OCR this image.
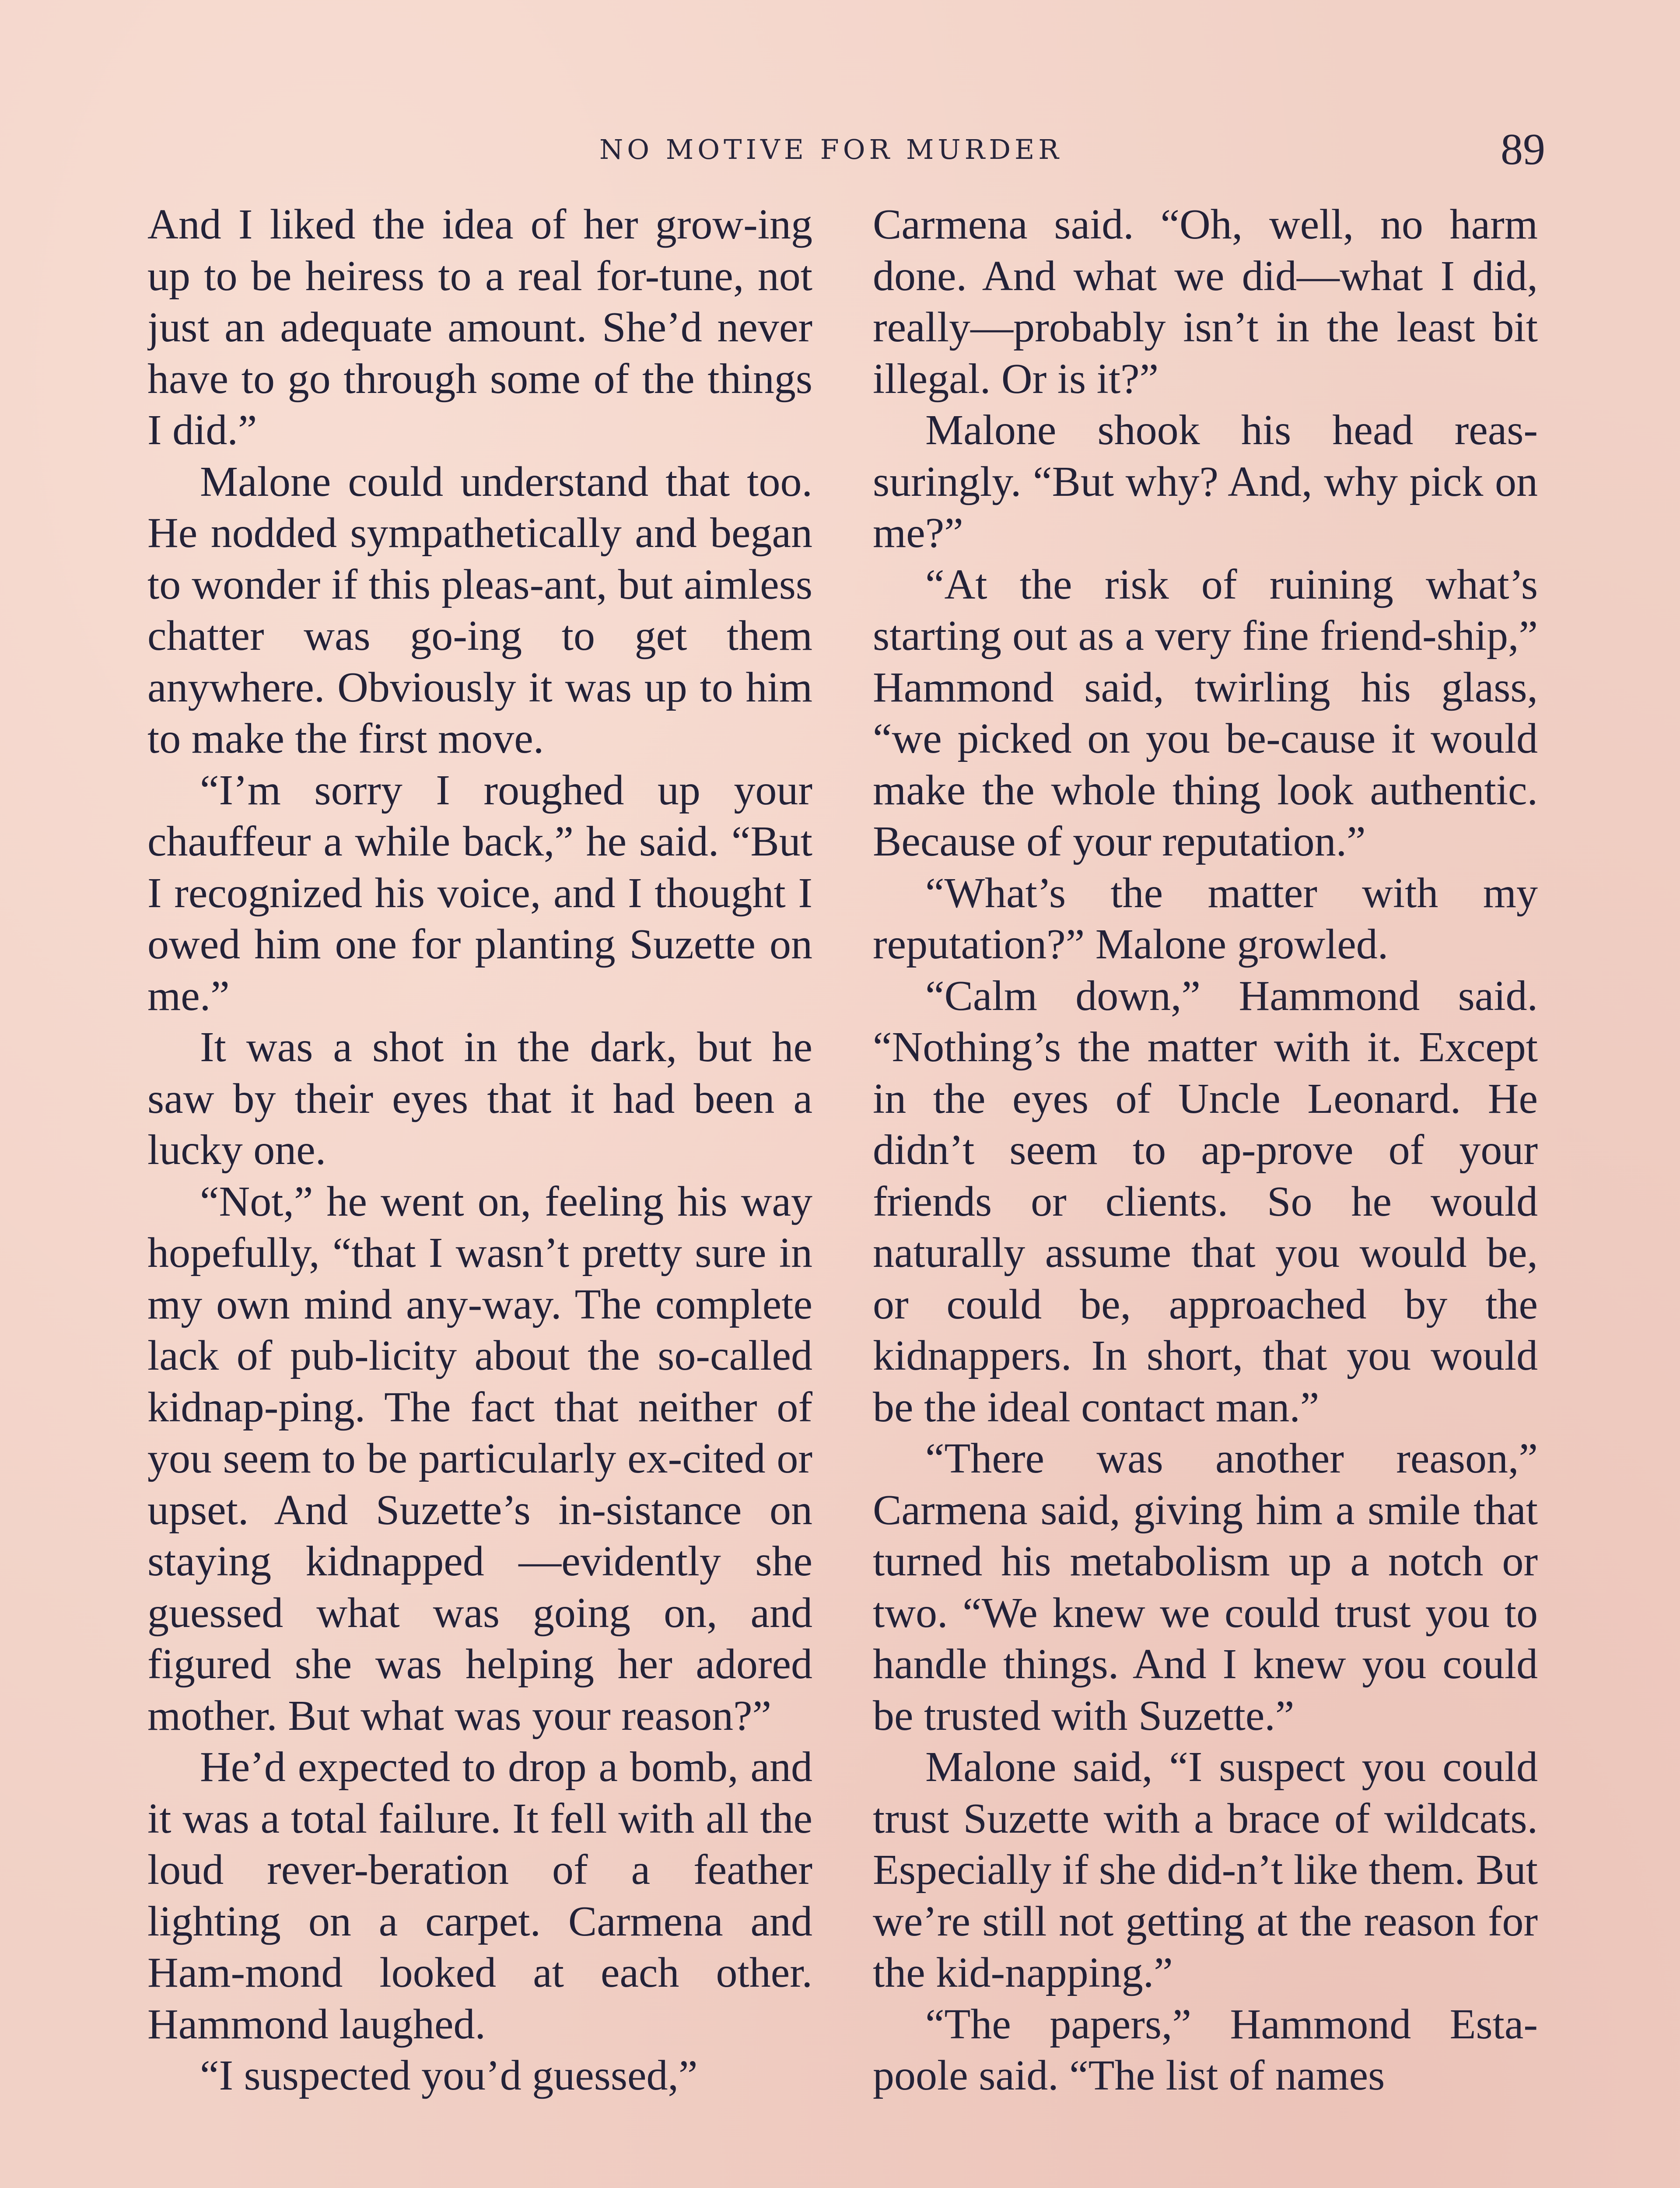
NO MOTIVE FOR MURDER	89

And I liked the idea of her grow-ing up to be heiress to a real for-tune, not just an adequate amount. She’d never have to go through some of the things I did.”

Malone could understand that too. He nodded sympathetically and began to wonder if this pleas-ant, but aimless chatter was go-ing to get them anywhere. Obviously it was up to him to make the first move.

“I’m sorry I roughed up your chauffeur a while back,” he said. “But I recognized his voice, and I thought I owed him one for planting Suzette on me.”

It was a shot in the dark, but he saw by their eyes that it had been a lucky one.

“Not,” he went on, feeling his way hopefully, “that I wasn’t pretty sure in my own mind any-way. The complete lack of pub-licity about the so-called kidnap-ping. The fact that neither of you seem to be particularly ex-cited or upset. And Suzette’s in-sistance on staying kidnapped —evidently she guessed what was going on, and figured she was helping her adored mother. But what was your reason?”

He’d expected to drop a bomb, and it was a total failure. It fell with all the loud rever-beration of a feather lighting on a carpet. Carmena and Ham-mond looked at each other. Hammond laughed.

“I suspected you’d guessed,”

Carmena said. “Oh, well, no harm done. And what we did—what I did, really—probably isn’t in the least bit illegal. Or is it?”

Malone shook his head reas-suringly. “But why? And, why pick on me?”

“At the risk of ruining what’s starting out as a very fine friend-ship,” Hammond said, twirling his glass, “we picked on you be-cause it would make the whole thing look authentic. Because of your reputation.”

“What’s the matter with my reputation?” Malone growled.

“Calm down,” Hammond said. “Nothing’s the matter with it. Except in the eyes of Uncle Leonard. He didn’t seem to ap-prove of your friends or clients. So he would naturally assume that you would be, or could be, approached by the kidnappers. In short, that you would be the ideal contact man.”

“There was another reason,” Carmena said, giving him a smile that turned his metabolism up a notch or two. “We knew we could trust you to handle things. And I knew you could be trusted with Suzette.”

Malone said, “I suspect you could trust Suzette with a brace of wildcats. Especially if she did-n’t like them. But we’re still not getting at the reason for the kid-napping.”

“The papers,” Hammond Esta-poole said. “The list of names
